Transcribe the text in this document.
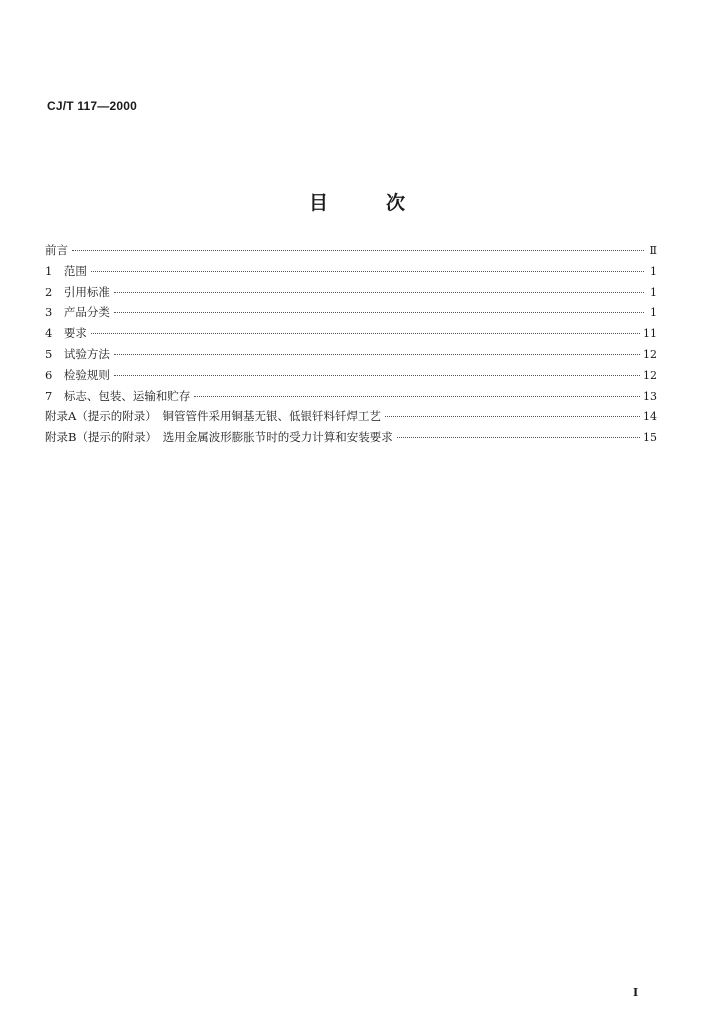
CJ/T 117—2000
目次
前言	Ⅱ
1　范围	1
2　引用标准	1
3　产品分类	1
4　要求	11
5　试验方法	12
6　检验规则	12
7　标志、包装、运输和贮存	13
附录A（提示的附录）　铜管管件采用铜基无银、低银钎料钎焊工艺	14
附录B（提示的附录）　选用金属波形膨胀节时的受力计算和安装要求	15
Ⅰ
